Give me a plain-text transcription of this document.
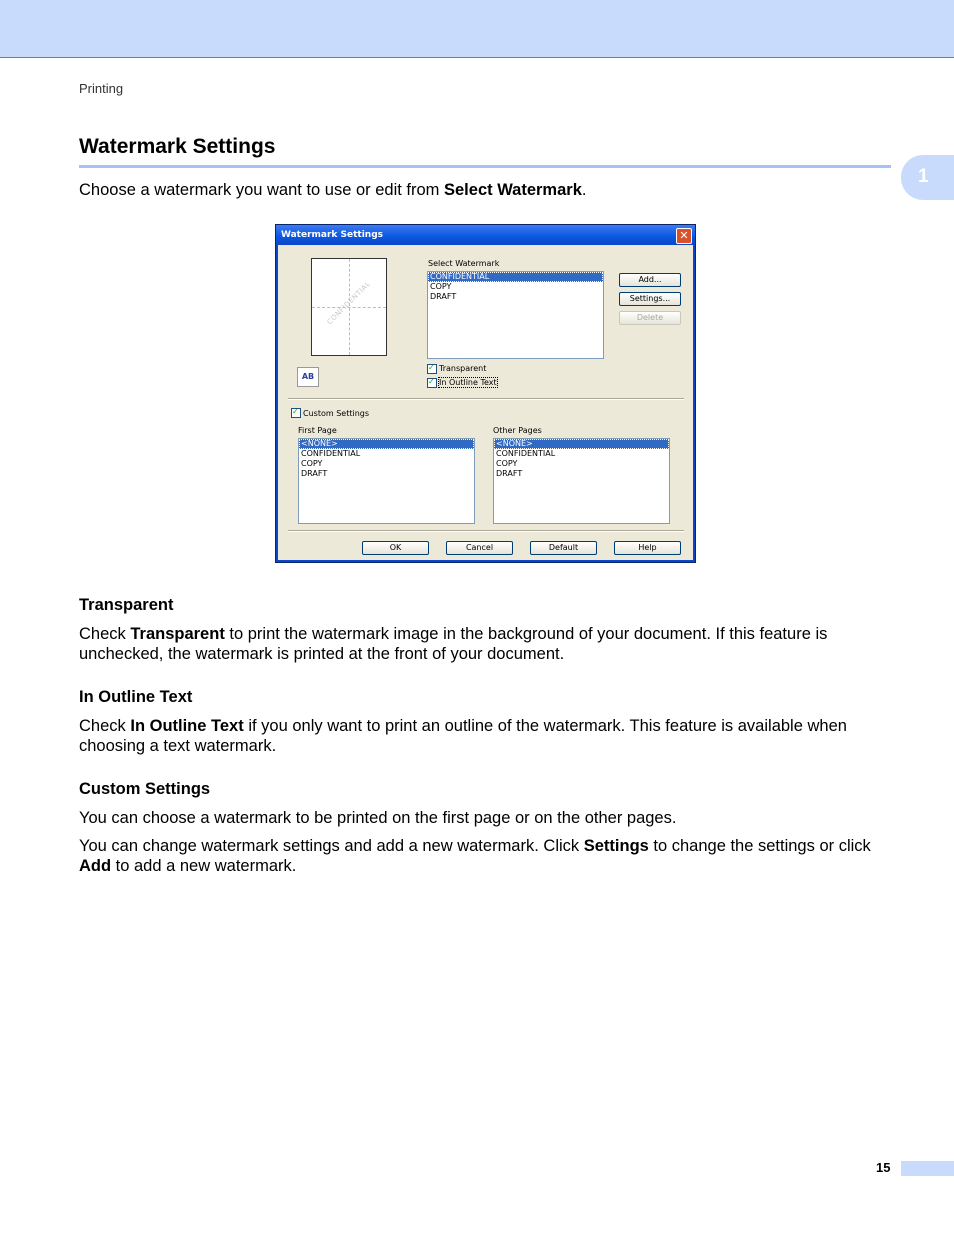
Printing
Watermark Settings
1

Choose a watermark you want to use or edit from Select Watermark.

Watermark Settings	✕
CONFIDENTIAL
AB
Select Watermark
CONFIDENTIAL
COPY
DRAFT
Add...
Settings...
Delete
✓
Transparent
✓
In Outline Text
✓
Custom Settings
First Page
<NONE>
CONFIDENTIAL
COPY
DRAFT
Other Pages
<NONE>
CONFIDENTIAL
COPY
DRAFT
OK	Cancel	Default	Help
Transparent

Check Transparent to print the watermark image in the background of your document. If this feature is unchecked, the watermark is printed at the front of your document.

In Outline Text

Check In Outline Text if you only want to print an outline of the watermark. This feature is available when choosing a text watermark.

Custom Settings

You can choose a watermark to be printed on the first page or on the other pages.

You can change watermark settings and add a new watermark. Click Settings to change the settings or click Add to add a new watermark.

15
